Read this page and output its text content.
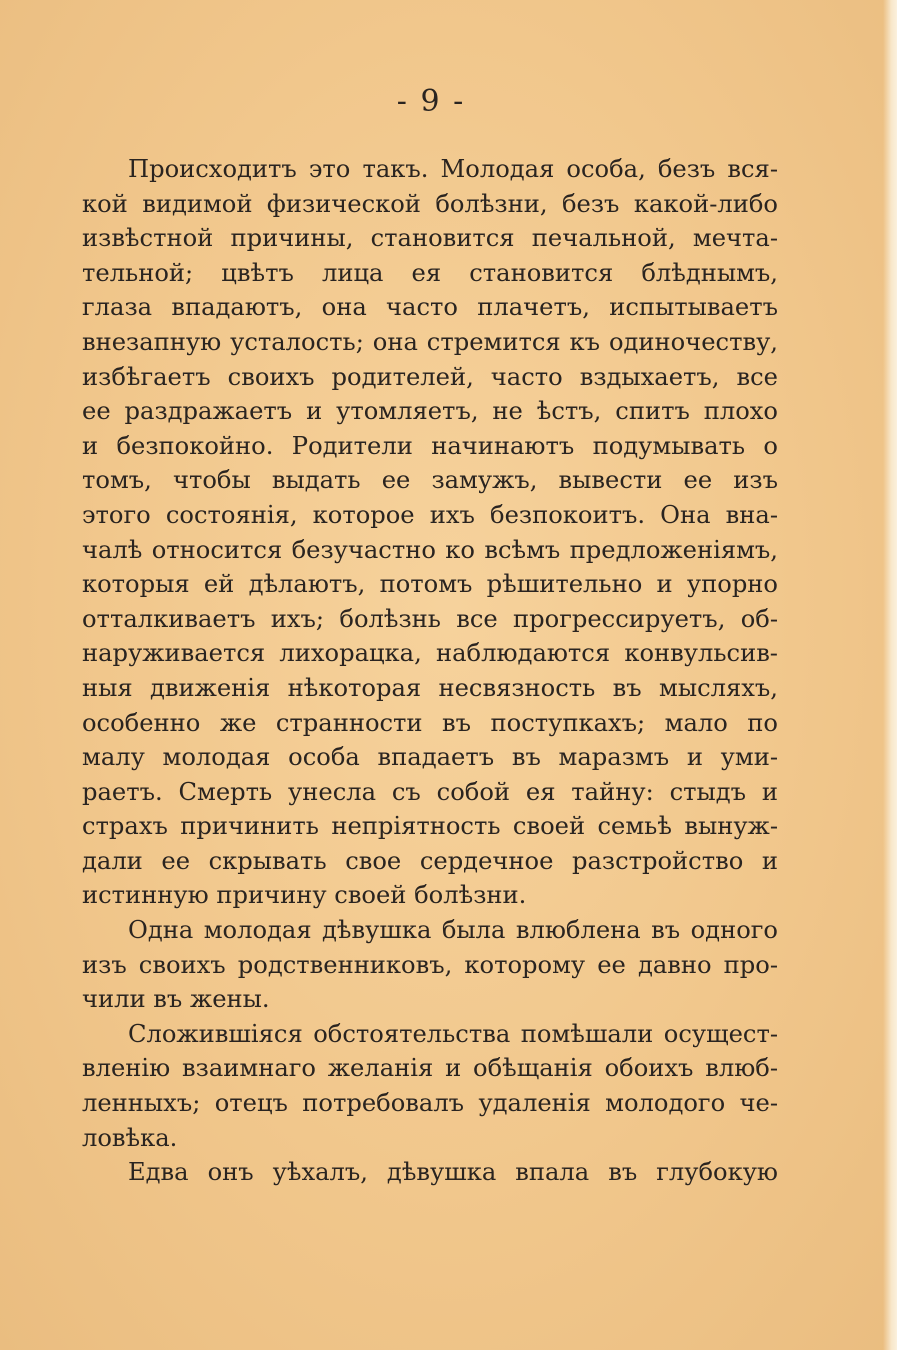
- 9 -
Происходитъ это такъ. Молодая особа, безъ вся-
кой видимой физической болѣзни, безъ какой-либо
извѣстной причины, становится печальной, мечта-
тельной; цвѣтъ лица ея становится блѣднымъ,
глаза впадаютъ, она часто плачетъ, испытываетъ
внезапную усталость; она стремится къ одиночеству,
избѣгаетъ своихъ родителей, часто вздыхаетъ, все
ее раздражаетъ и утомляетъ, не ѣстъ, спитъ плохо
и безпокойно. Родители начинаютъ подумывать о
томъ, чтобы выдать ее замужъ, вывести ее изъ
этого состоянія, которое ихъ безпокоитъ. Она вна-
чалѣ относится безучастно ко всѣмъ предложеніямъ,
которыя ей дѣлаютъ, потомъ рѣшительно и упорно
отталкиваетъ ихъ; болѣзнь все прогрессируетъ, об-
наруживается лихорацка, наблюдаются конвульсив-
ныя движенія нѣкоторая несвязность въ мысляхъ,
особенно же странности въ поступкахъ; мало по
малу молодая особа впадаетъ въ маразмъ и уми-
раетъ. Смерть унесла съ собой ея тайну: стыдъ и
страхъ причинить непріятность своей семьѣ вынуж-
дали ее скрывать свое сердечное разстройство и
истинную причину своей болѣзни.
Одна молодая дѣвушка была влюблена въ одного
изъ своихъ родственниковъ, которому ее давно про-
чили въ жены.
Сложившіяся обстоятельства помѣшали осущест-
вленію взаимнаго желанія и обѣщанія обоихъ влюб-
ленныхъ; отецъ потребовалъ удаленія молодого че-
ловѣка.
Едва онъ уѣхалъ, дѣвушка впала въ глубокую
